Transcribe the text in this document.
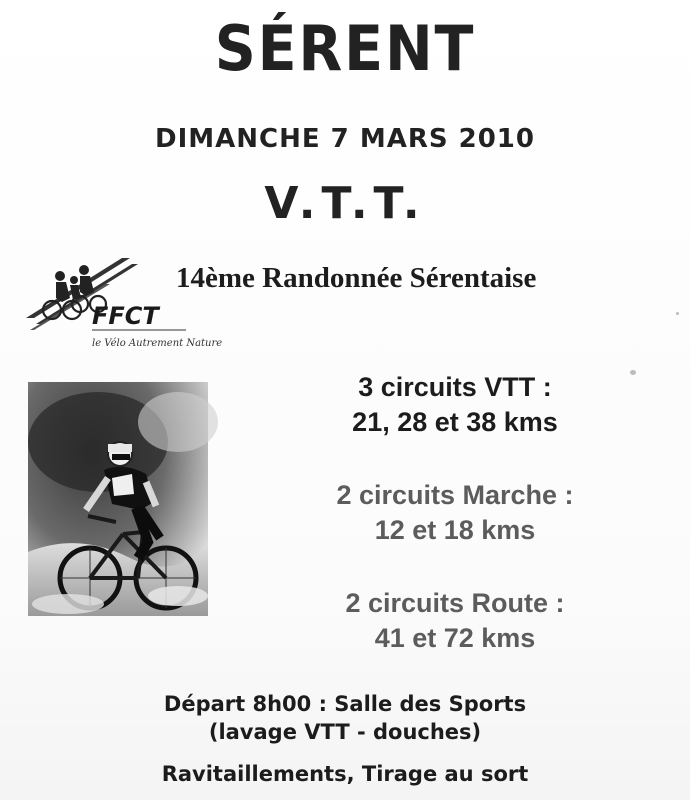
SÉRENT
DIMANCHE 7 MARS 2010
V.T.T.
FFCT
le Vélo Autrement Nature
14ème Randonnée Sérentaise
3 circuits VTT :
21, 28 et 38 kms
2 circuits Marche :
12 et 18 kms
2 circuits Route :
41 et 72 kms
Départ 8h00 : Salle des Sports
(lavage VTT - douches)
Ravitaillements, Tirage au sort
